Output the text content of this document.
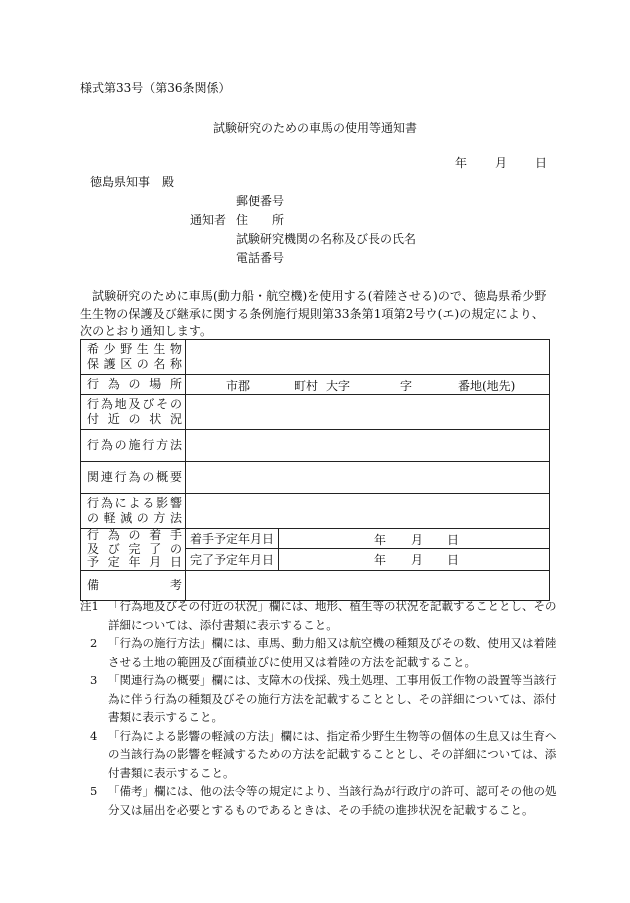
様式第33号（第36条関係）
試験研究のための車馬の使用等通知書
年 月 日
徳島県知事　殿
郵便番号
通知者 住　　所
試験研究機関の名称及び長の氏名
電話番号
試験研究のために車馬(動力船・航空機)を使用する(着陸させる)ので、徳島県希少野生生物の保護及び継承に関する条例施行規則第33条第1項第2号ウ(エ)の規定により、次のとおり通知します。
希少野生生物
保護区の名称		

行為の場所	市郡 町村 大字 字 番地(地先)	

行為地及びその
付近の状況		

行為の施行方法		

関連行為の概要		

行為による影響
の軽減の方法		

行為の着手
及び完了の
予定年月日	着手予定年月日	年 月 日

	完了予定年月日	年 月 日

備考		

注1 「行為地及びその付近の状況」欄には、地形、植生等の状況を記載することとし、その詳細については、添付書類に表示すること。
2 「行為の施行方法」欄には、車馬、動力船又は航空機の種類及びその数、使用又は着陸させる土地の範囲及び面積並びに使用又は着陸の方法を記載すること。
3 「関連行為の概要」欄には、支障木の伐採、残土処理、工事用仮工作物の設置等当該行為に伴う行為の種類及びその施行方法を記載することとし、その詳細については、添付書類に表示すること。
4 「行為による影響の軽減の方法」欄には、指定希少野生生物等の個体の生息又は生育への当該行為の影響を軽減するための方法を記載することとし、その詳細については、添付書類に表示すること。
5 「備考」欄には、他の法令等の規定により、当該行為が行政庁の許可、認可その他の処分又は届出を必要とするものであるときは、その手続の進捗状況を記載すること。
